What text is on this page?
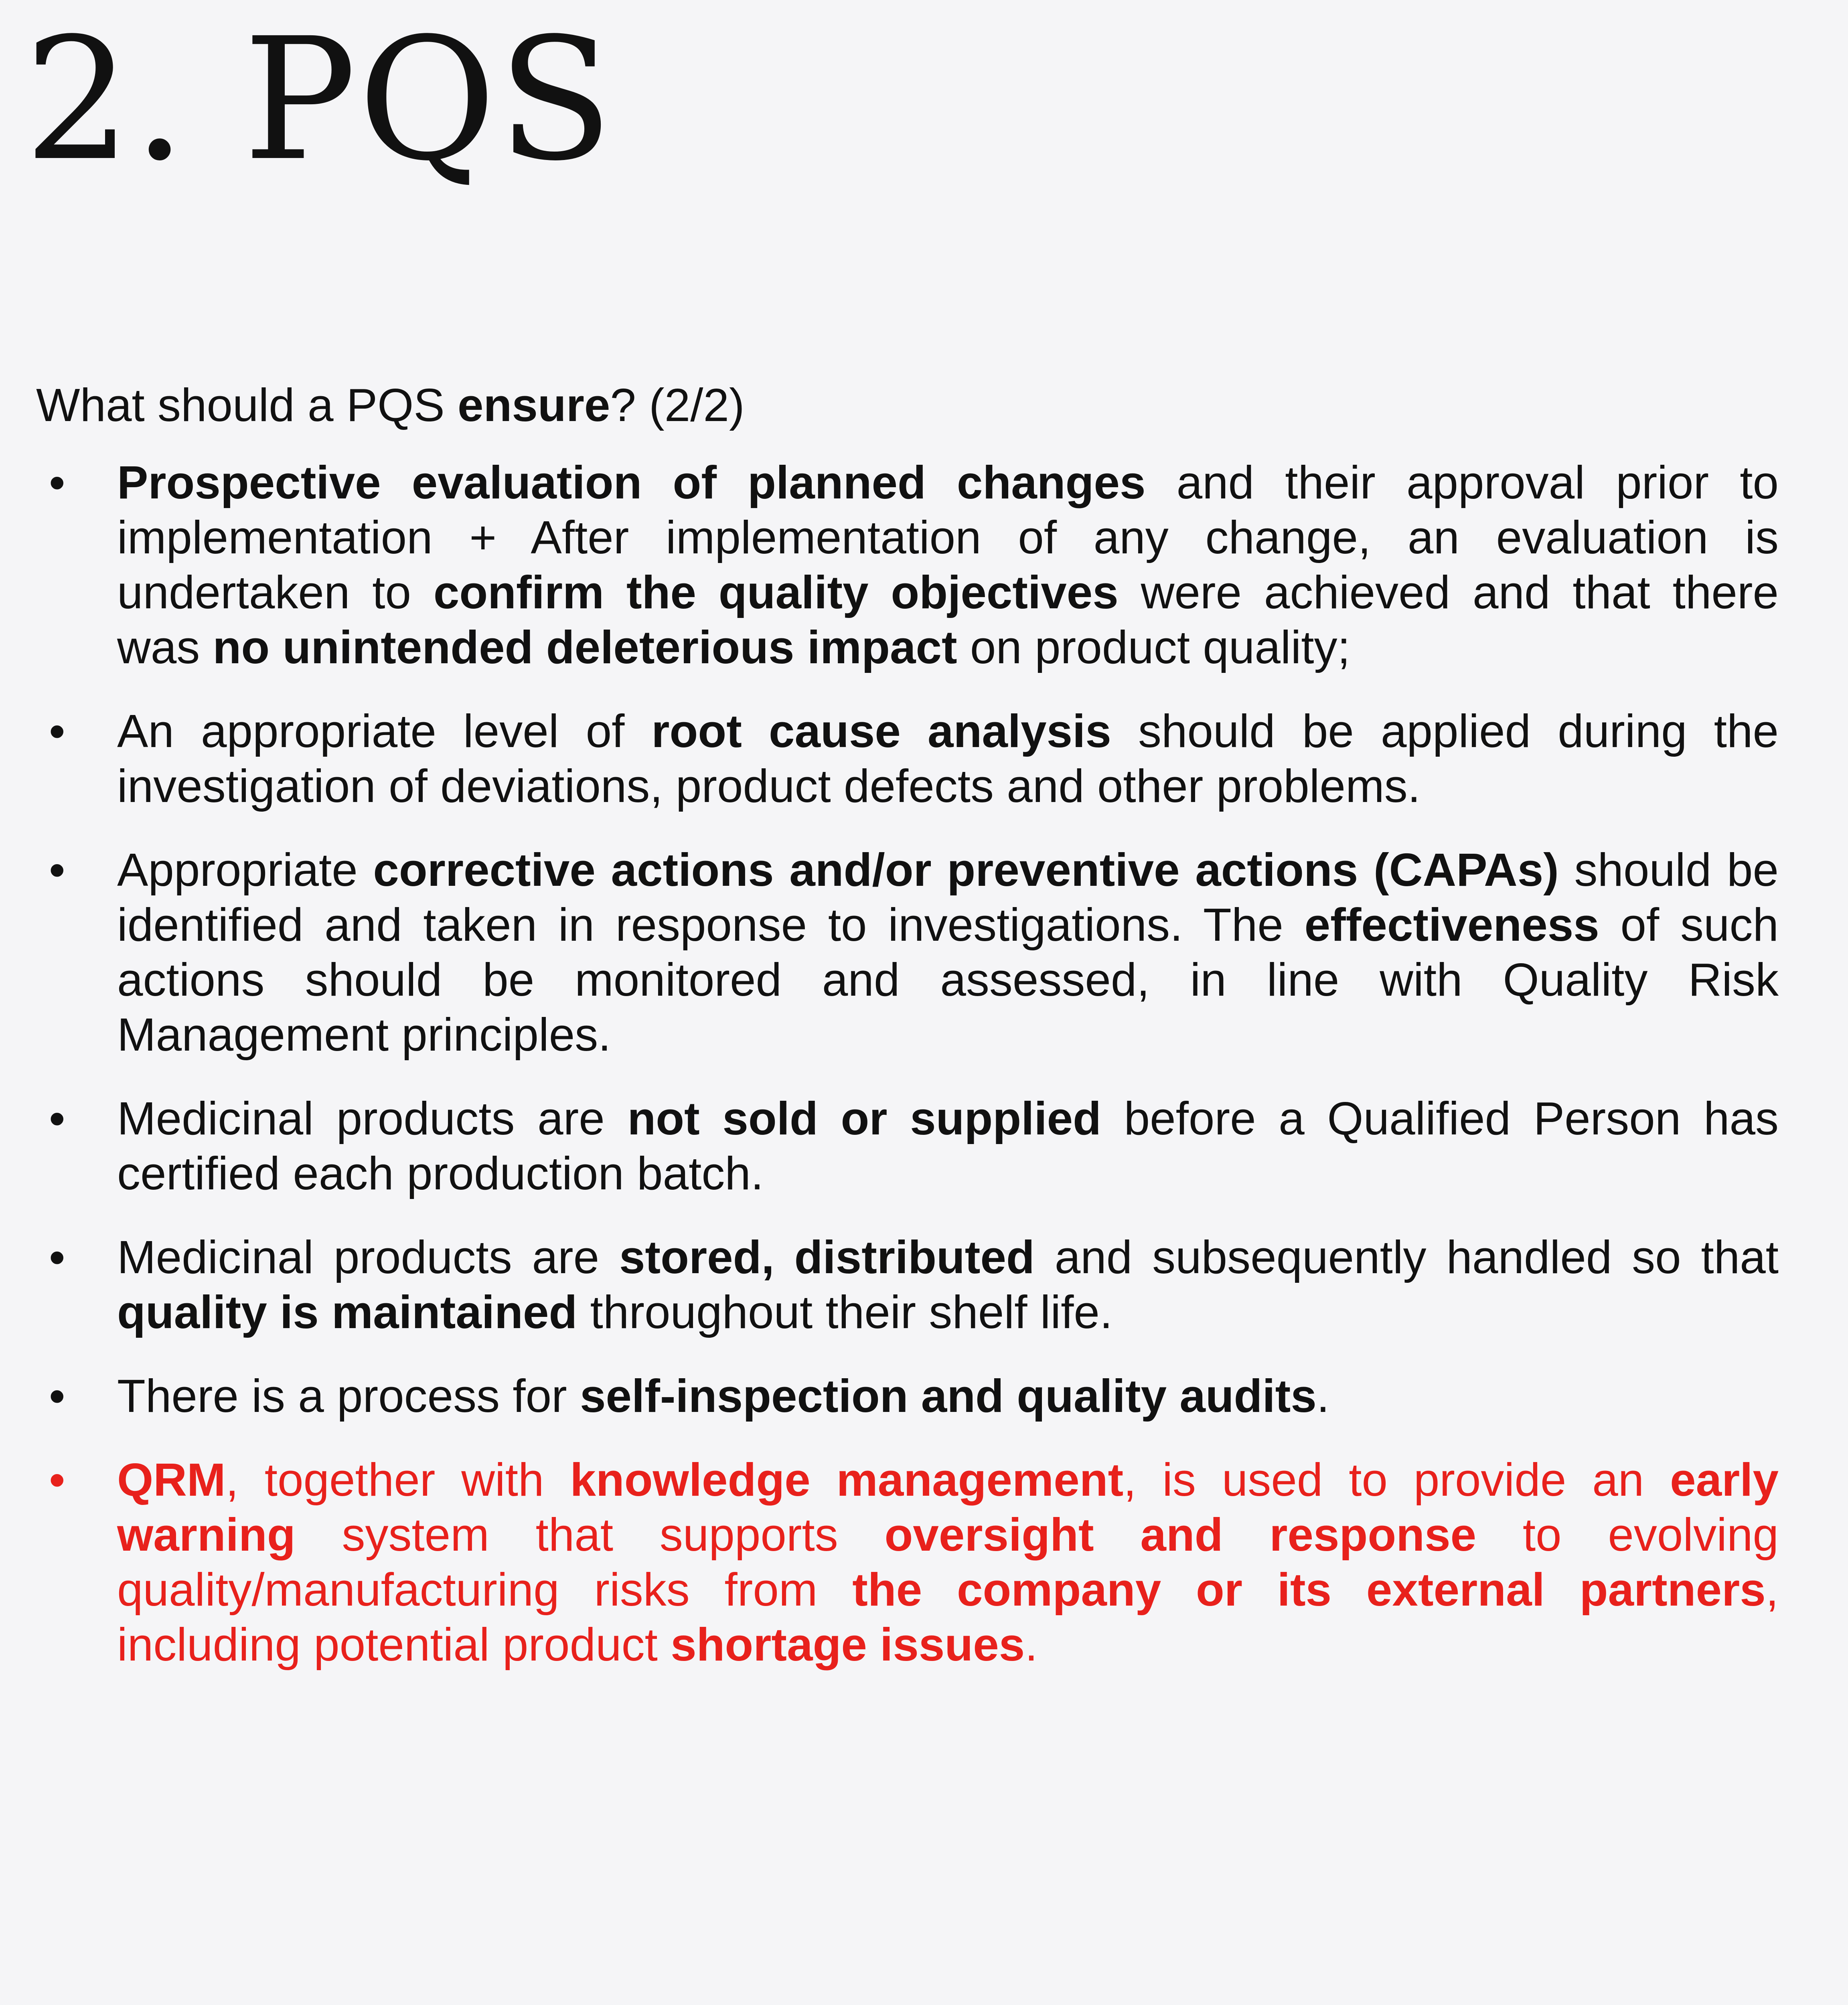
2. PQS
What should a PQS ensure? (2/2)
• Prospective evaluation of planned changes and their approval prior to implementation + After implementation of any change, an evaluation is undertaken to confirm the quality objectives were achieved and that there was no unintended deleterious impact on product quality;
• An appropriate level of root cause analysis should be applied during the investigation of deviations, product defects and other problems.
• Appropriate corrective actions and/or preventive actions (CAPAs) should be identified and taken in response to investigations. The effectiveness of such actions should be monitored and assessed, in line with Quality Risk Management principles.
• Medicinal products are not sold or supplied before a Qualified Person has certified each production batch.
• Medicinal products are stored, distributed and subsequently handled so that quality is maintained throughout their shelf life.
• There is a process for self-inspection and quality audits.
• QRM, together with knowledge management, is used to provide an early warning system that supports oversight and response to evolving quality/manufacturing risks from the company or its external partners, including potential product shortage issues.
